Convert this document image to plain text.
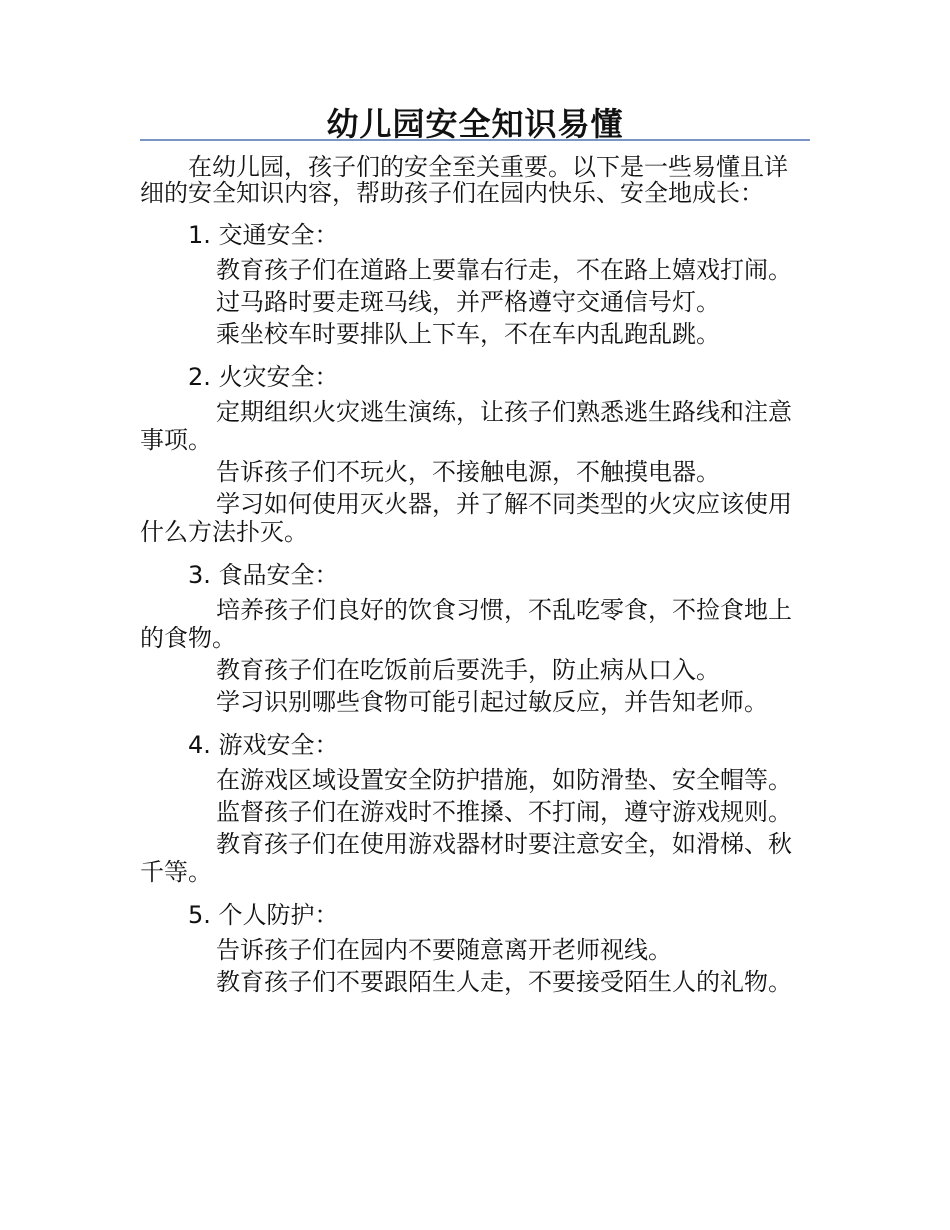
幼儿园安全知识易懂

在幼儿园，孩子们的安全至关重要。以下是一些易懂且详细的安全知识内容，帮助孩子们在园内快乐、安全地成长：

1. 交通安全：

教育孩子们在道路上要靠右行走，不在路上嬉戏打闹。

过马路时要走斑马线，并严格遵守交通信号灯。

乘坐校车时要排队上下车，不在车内乱跑乱跳。

2. 火灾安全：

定期组织火灾逃生演练，让孩子们熟悉逃生路线和注意事项。

告诉孩子们不玩火，不接触电源，不触摸电器。

学习如何使用灭火器，并了解不同类型的火灾应该使用什么方法扑灭。

3. 食品安全：

培养孩子们良好的饮食习惯，不乱吃零食，不捡食地上的食物。

教育孩子们在吃饭前后要洗手，防止病从口入。

学习识别哪些食物可能引起过敏反应，并告知老师。

4. 游戏安全：

在游戏区域设置安全防护措施，如防滑垫、安全帽等。

监督孩子们在游戏时不推搡、不打闹，遵守游戏规则。

教育孩子们在使用游戏器材时要注意安全，如滑梯、秋千等。

5. 个人防护：

告诉孩子们在园内不要随意离开老师视线。

教育孩子们不要跟陌生人走，不要接受陌生人的礼物。
